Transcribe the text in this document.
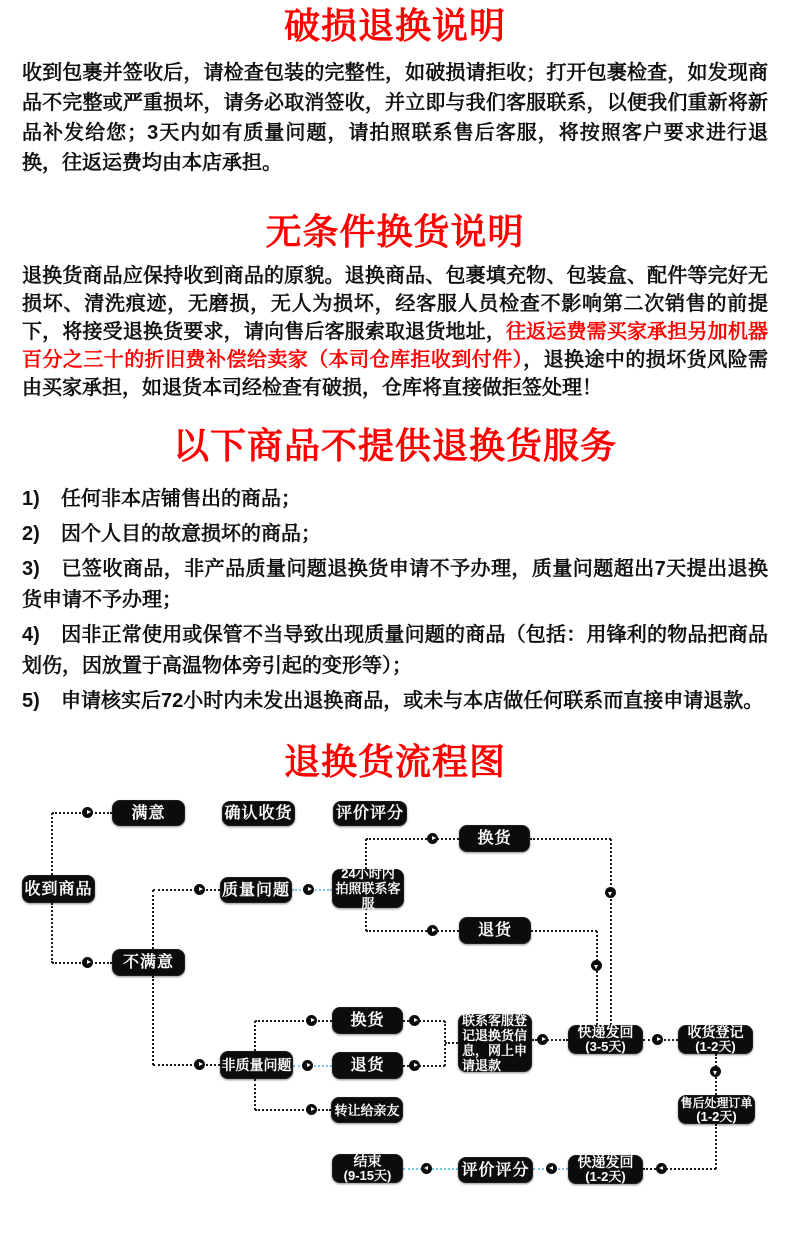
破损退换说明

收到包裹并签收后，请检查包装的完整性，如破损请拒收；打开包裹检查，如发现商品不完整或严重损坏，请务必取消签收，并立即与我们客服联系，以便我们重新将新品补发给您；3天内如有质量问题，请拍照联系售后客服，将按照客户要求进行退换，往返运费均由本店承担。

无条件换货说明

退换货商品应保持收到商品的原貌。退换商品、包裹填充物、包装盒、配件等完好无损坏、清洗痕迹，无磨损，无人为损坏，经客服人员检查不影响第二次销售的前提下，将接受退换货要求，请向售后客服索取退货地址，往返运费需买家承担另加机器百分之三十的折旧费补偿给卖家（本司仓库拒收到付件），退换途中的损坏货风险需由买家承担，如退货本司经检查有破损，仓库将直接做拒签处理！

以下商品不提供退换货服务

1) 任何非本店铺售出的商品；

2) 因个人目的故意损坏的商品；

3) 已签收商品，非产品质量问题退换货申请不予办理，质量问题超出7天提出退换货申请不予办理；

4) 因非正常使用或保管不当导致出现质量问题的商品（包括：用锋利的物品把商品划伤，因放置于高温物体旁引起的变形等）；

5) 申请核实后72小时内未发出退换商品，或未与本店做任何联系而直接申请退款。

退换货流程图
收到商品
满意	确认收货	评价评分
质量问题
24小时内拍照联系客服
不满意
换货
退货
非质量问题
换货
退货
转让给亲友
联系客服登记退换货信息，网上申请退款
快递发回
(3-5天)
收货登记
(1-2天)
售后处理订单
(1-2天)
快递发回
(1-2天)
评价评分
结束
(9-15天)
